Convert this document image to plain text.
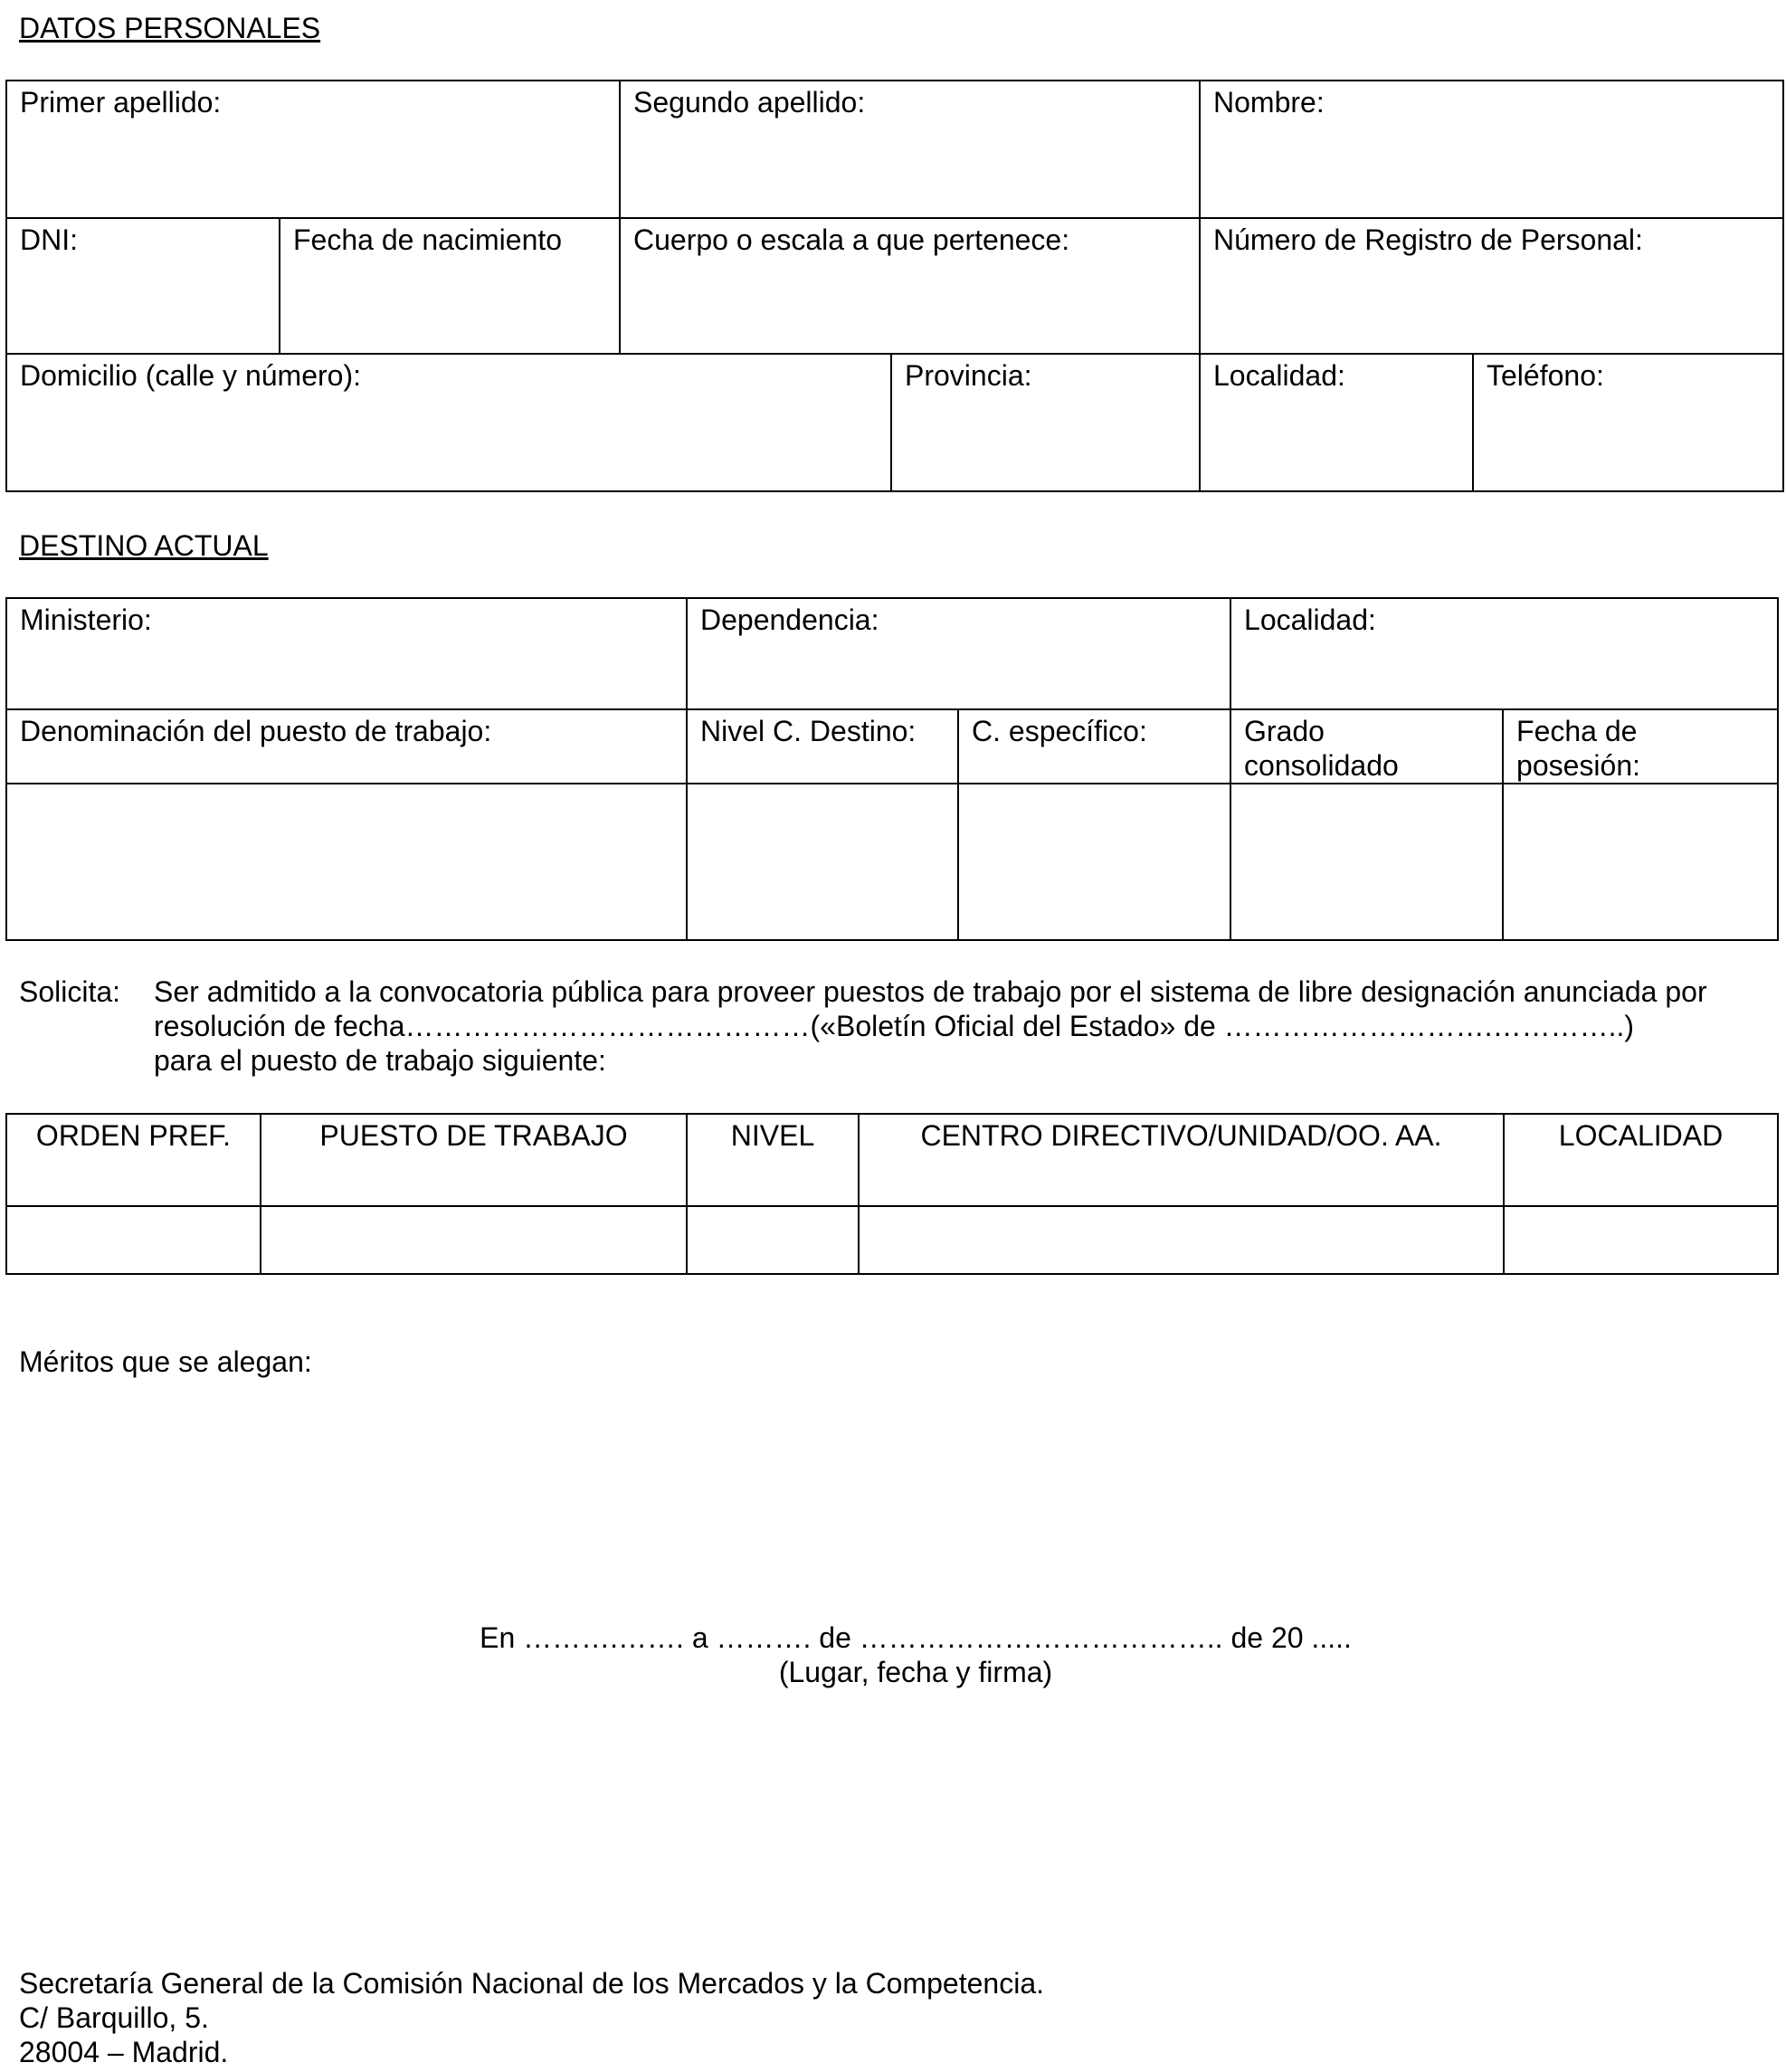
DATOS PERSONALES
Primer apellido:		Segundo apellido:		Nombre:	
DNI:	Fecha de nacimiento	Cuerpo o escala a que pertenece:		Número de Registro de Personal:	
Domicilio (calle y número):			Provincia:	Localidad:	Teléfono:
DESTINO ACTUAL
Ministerio:	Dependencia:		Localidad:	
Denominación del puesto de trabajo:	Nivel C. Destino:	C. específico:	Grado consolidado	Fecha de posesión:

Solicita: Ser admitido a la convocatoria pública para proveer puestos de trabajo por el sistema de libre designación anunciada por
resolución de fecha……………………………………(«Boletín Oficial del Estado» de ……………………….…………..)
para el puesto de trabajo siguiente:
ORDEN PREF.	PUESTO DE TRABAJO	NIVEL	CENTRO DIRECTIVO/UNIDAD/OO. AA.	LOCALIDAD

Méritos que se alegan:
En ……….……. a ………. de ……………………………….. de 20 .....
(Lugar, fecha y firma)
Secretaría General de la Comisión Nacional de los Mercados y la Competencia.
C/ Barquillo, 5.
28004 – Madrid.
